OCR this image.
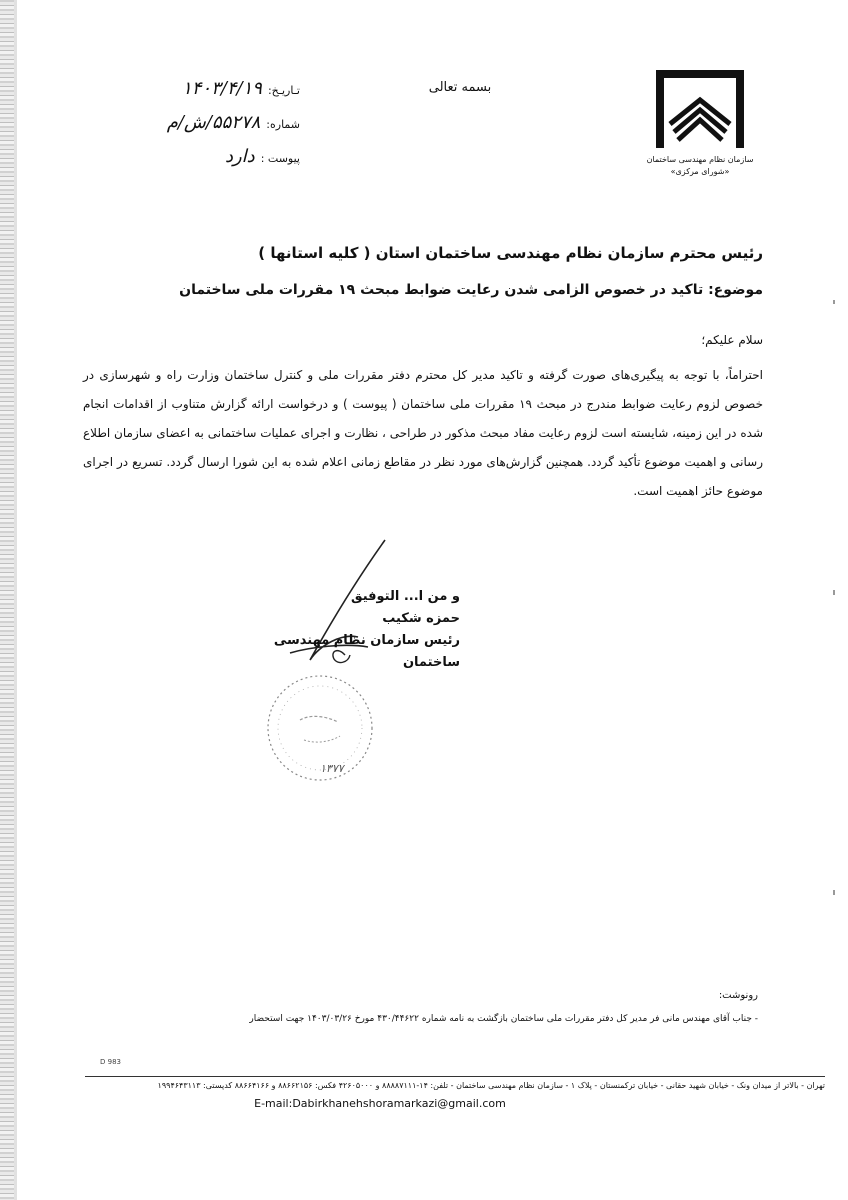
سازمان نظام مهندسی ساختمان
«شورای مرکزی»
بسمه تعالی
تـاریـخ:
۱۴۰۳/۴/۱۹
شماره:
۵۵۲۷۸/ش/م
پیوست :
دارد
رئیس محترم سازمان نظام مهندسی ساختمان استان ( کلیه استانها )
موضوع: تاکید در خصوص الزامی شدن رعایت ضوابط مبحث ۱۹ مقررات ملی ساختمان
سلام علیکم؛
احتراماً، با توجه به پیگیری‌های صورت گرفته و تاکید مدیر کل محترم دفتر مقررات ملی و کنترل ساختمان وزارت راه و شهرسازی در خصوص لزوم رعایت ضوابط مندرج در مبحث ۱۹ مقررات ملی ساختمان ( پیوست ) و درخواست ارائه گزارش متناوب از اقدامات انجام شده در این زمینه، شایسته است لزوم رعایت مفاد مبحث مذکور در طراحی ، نظارت و اجرای عملیات ساختمانی به اعضای سازمان اطلاع رسانی و اهمیت موضوع تأکید گردد. همچنین گزارش‌های مورد نظر در مقاطع زمانی اعلام شده به این شورا ارسال گردد. تسریع در اجرای موضوع حائز اهمیت است.
و من ا... التوفیق
حمزه شکیب
رئیس سازمان نظام مهندسی ساختمان
۱۳۷۷
رونوشت:
- جناب آقای مهندس مانی فر مدیر کل دفتر مقررات ملی ساختمان بازگشت به نامه شماره ۴۳۰/۴۴۶۲۲ مورخ ۱۴۰۳/۰۳/۲۶ جهت استحضار
D 983
تهران - بالاتر از میدان ونک - خیابان شهید حقانی - خیابان ترکمنستان - پلاک ۱ - سازمان نظام مهندسی ساختمان - تلفن: ۱۴-۸۸۸۸۷۱۱۱ و ۴۲۶۰۵۰۰۰ فکس: ۸۸۶۶۲۱۵۶ و ۸۸۶۶۴۱۶۶ کدپستی: ۱۹۹۴۶۴۳۱۱۳
E-mail:Dabirkhanehshoramarkazi@gmail.com
